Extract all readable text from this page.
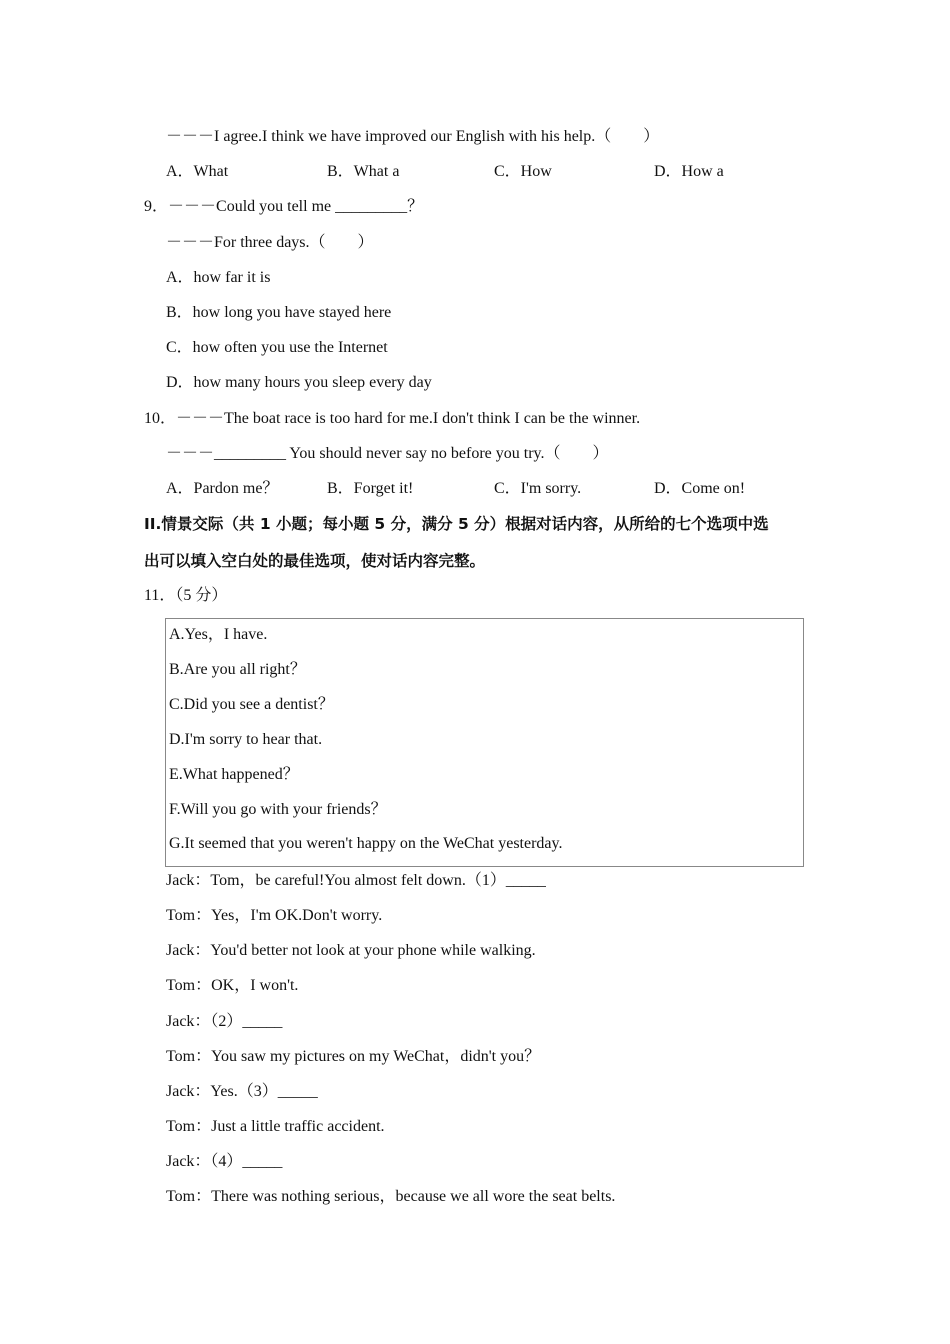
－－－I agree.I think we have improved our English with his help.（　　）
A．What	B．What a	C．How	D．How a
9．－－－Could you tell me _________？
－－－For three days.（　　）
A．how far it is
B．how long you have stayed here
C．how often you use the Internet
D．how many hours you sleep every day
10．－－－The boat race is too hard for me.I don't think I can be the winner.
－－－_________ You should never say no before you try.（　　）
A．Pardon me？	B．Forget it!	C．I'm sorry.	D．Come on!
II.情景交际（共 1 小题；每小题 5 分，满分 5 分）根据对话内容，从所给的七个选项中选
出可以填入空白处的最佳选项，使对话内容完整。
11．（5 分）
A.Yes，I have.
B.Are you all right？
C.Did you see a dentist？
D.I'm sorry to hear that.
E.What happened？
F.Will you go with your friends？
G.It seemed that you weren't happy on the WeChat yesterday.
Jack：Tom，be careful!You almost felt down.（1）_____
Tom：Yes，I'm OK.Don't worry.
Jack：You'd better not look at your phone while walking.
Tom：OK，I won't.
Jack：（2）_____
Tom：You saw my pictures on my WeChat，didn't you？
Jack：Yes.（3）_____
Tom：Just a little traffic accident.
Jack：（4）_____
Tom：There was nothing serious，because we all wore the seat belts.
